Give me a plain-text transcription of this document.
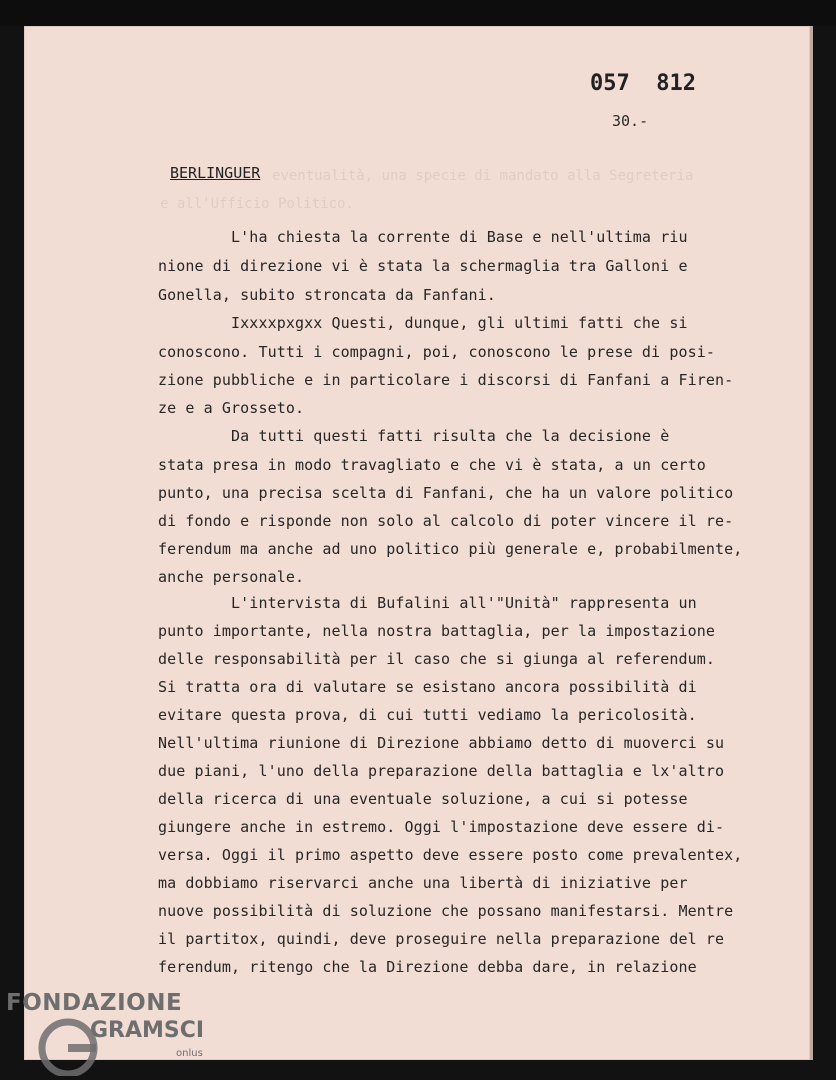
057  812
30.-
BERLINGUER eventualità, una specie di mandato alla Segreteria
e all'Ufficio Politico.
L'ha chiesta la corrente di Base e nell'ultima riu
nione di direzione vi è stata la schermaglia tra Galloni e
Gonella, subito stroncata da Fanfani.
Ixxxxpxgxx Questi, dunque, gli ultimi fatti che si
conoscono. Tutti i compagni, poi, conoscono le prese di posi-
zione pubbliche e in particolare i discorsi di Fanfani a Firen-
ze e a Grosseto.
Da tutti questi fatti risulta che la decisione è
stata presa in modo travagliato e che vi è stata, a un certo
punto, una precisa scelta di Fanfani, che ha un valore politico
di fondo e risponde non solo al calcolo di poter vincere il re-
ferendum ma anche ad uno politico più generale e, probabilmente,
anche personale.
L'intervista di Bufalini all'"Unità" rappresenta un
punto importante, nella nostra battaglia, per la impostazione
delle responsabilità per il caso che si giunga al referendum.
Si tratta ora di valutare se esistano ancora possibilità di
evitare questa prova, di cui tutti vediamo la pericolosità.
Nell'ultima riunione di Direzione abbiamo detto di muoverci su
due piani, l'uno della preparazione della battaglia e lx'altro
della ricerca di una eventuale soluzione, a cui si potesse
giungere anche in estremo. Oggi l'impostazione deve essere di-
versa. Oggi il primo aspetto deve essere posto come prevalentex,
ma dobbiamo riservarci anche una libertà di iniziative per
nuove possibilità di soluzione che possano manifestarsi. Mentre
il partitox, quindi, deve proseguire nella preparazione del re
ferendum, ritengo che la Direzione debba dare, in relazione
FONDAZIONE
GRAMSCI
onlus
